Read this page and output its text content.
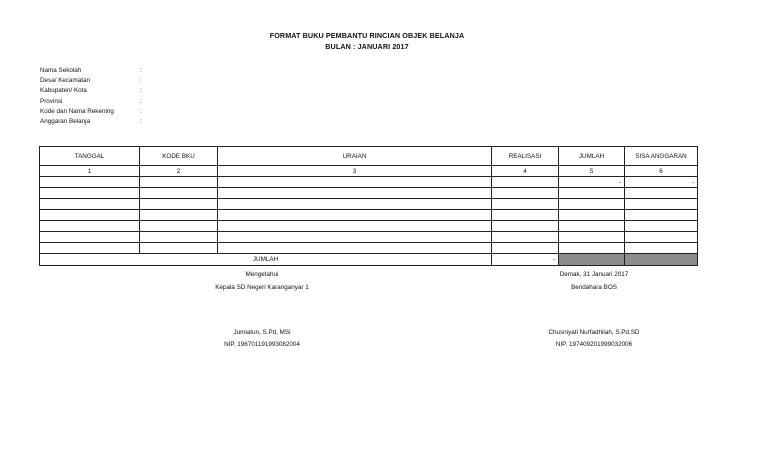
FORMAT BUKU PEMBANTU RINCIAN OBJEK BELANJA
BULAN : JANUARI 2017
Nama Sekolah	:
Desa/ Kecamatan	:
Kabupaten/ Kota	:
Provinsi	:
Kode dan Nama Rekening	:
Anggaran Belanja	:
TANGGAL	KODE BKU	URAIAN	REALISASI	JUMLAH	SISA ANGGARAN
1	2	3	4	5	6
				-	-

JUMLAH			-		
Mengetahui
Kepala SD Negeri Karanganyar 1
Jumiatun, S.Pd, MSi
NIP. 196701191993082004
Demak, 31 Januari 2017
Bendahara BOS
Chusniyati Nurfadhilah, S.Pd.SD
NIP. 197409201999032006
